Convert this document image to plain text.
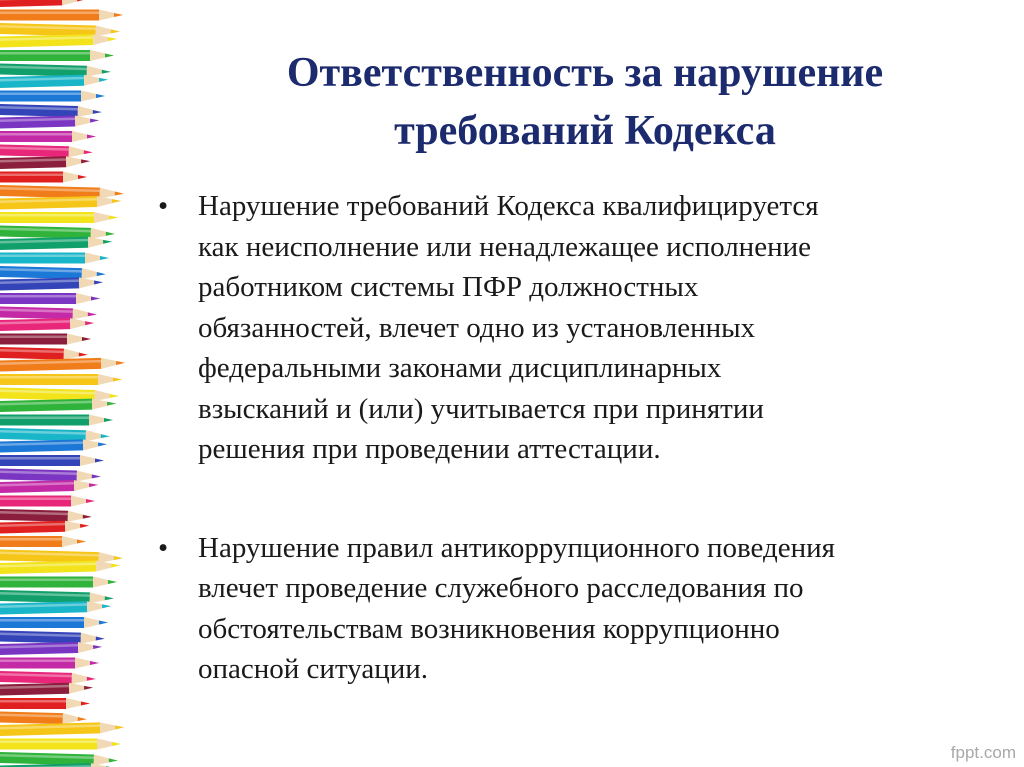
Ответственность за нарушение
требований Кодекса
• Нарушение требований Кодекса квалифицируется
как неисполнение или ненадлежащее исполнение
работником системы ПФР должностных
обязанностей, влечет одно из установленных
федеральными законами дисциплинарных
взысканий и (или) учитывается при принятии
решения при проведении аттестации.
• Нарушение правил антикоррупционного поведения
влечет проведение служебного расследования по
обстоятельствам возникновения коррупционно
опасной ситуации.
fppt.com
